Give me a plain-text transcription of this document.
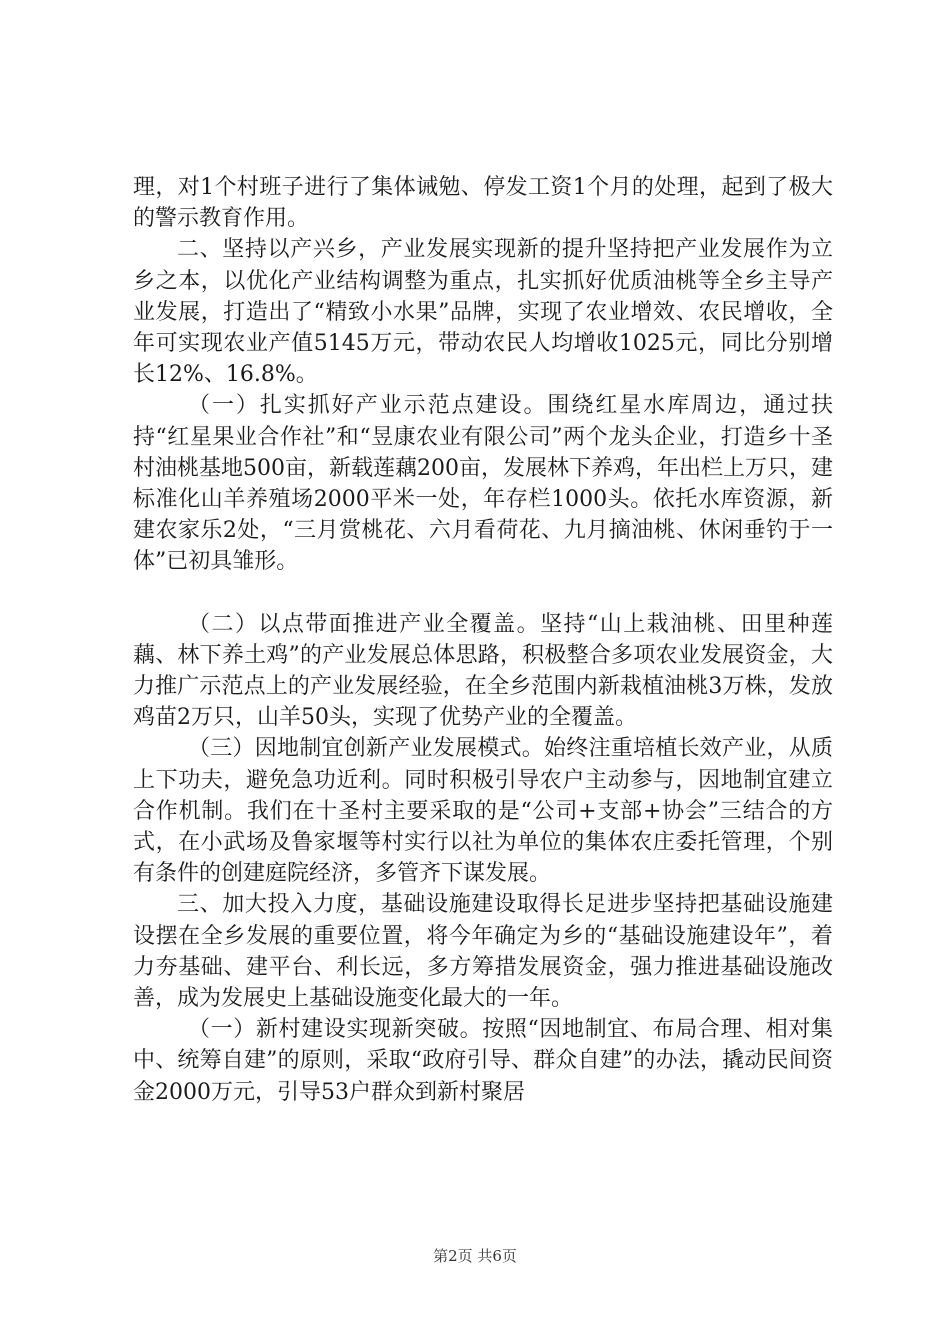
理，对1个村班子进行了集体诫勉、停发工资1个月的处理，起到了极大的警示教育作用。

二、坚持以产兴乡，产业发展实现新的提升坚持把产业发展作为立乡之本，以优化产业结构调整为重点，扎实抓好优质油桃等全乡主导产业发展，打造出了“精致小水果”品牌，实现了农业增效、农民增收，全年可实现农业产值5145万元，带动农民人均增收1025元，同比分别增长12%、16.8%。

（一）扎实抓好产业示范点建设。围绕红星水库周边，通过扶持“红星果业合作社”和“昱康农业有限公司”两个龙头企业，打造乡十圣村油桃基地500亩，新载莲藕200亩，发展林下养鸡，年出栏上万只，建标准化山羊养殖场2000平米一处，年存栏1000头。依托水库资源，新建农家乐2处，“三月赏桃花、六月看荷花、九月摘油桃、休闲垂钓于一体”已初具雏形。

（二）以点带面推进产业全覆盖。坚持“山上栽油桃、田里种莲藕、林下养土鸡”的产业发展总体思路，积极整合多项农业发展资金，大力推广示范点上的产业发展经验，在全乡范围内新栽植油桃3万株，发放鸡苗2万只，山羊50头，实现了优势产业的全覆盖。

（三）因地制宜创新产业发展模式。始终注重培植长效产业，从质上下功夫，避免急功近利。同时积极引导农户主动参与，因地制宜建立合作机制。我们在十圣村主要采取的是“公司+支部+协会”三结合的方式，在小武场及鲁家堰等村实行以社为单位的集体农庄委托管理，个别有条件的创建庭院经济，多管齐下谋发展。

三、加大投入力度，基础设施建设取得长足进步坚持把基础设施建设摆在全乡发展的重要位置，将今年确定为乡的“基础设施建设年”，着力夯基础、建平台、利长远，多方筹措发展资金，强力推进基础设施改善，成为发展史上基础设施变化最大的一年。

（一）新村建设实现新突破。按照“因地制宜、布局合理、相对集中、统筹自建”的原则，采取“政府引导、群众自建”的办法，撬动民间资金2000万元，引导53户群众到新村聚居

第2页 共6页
